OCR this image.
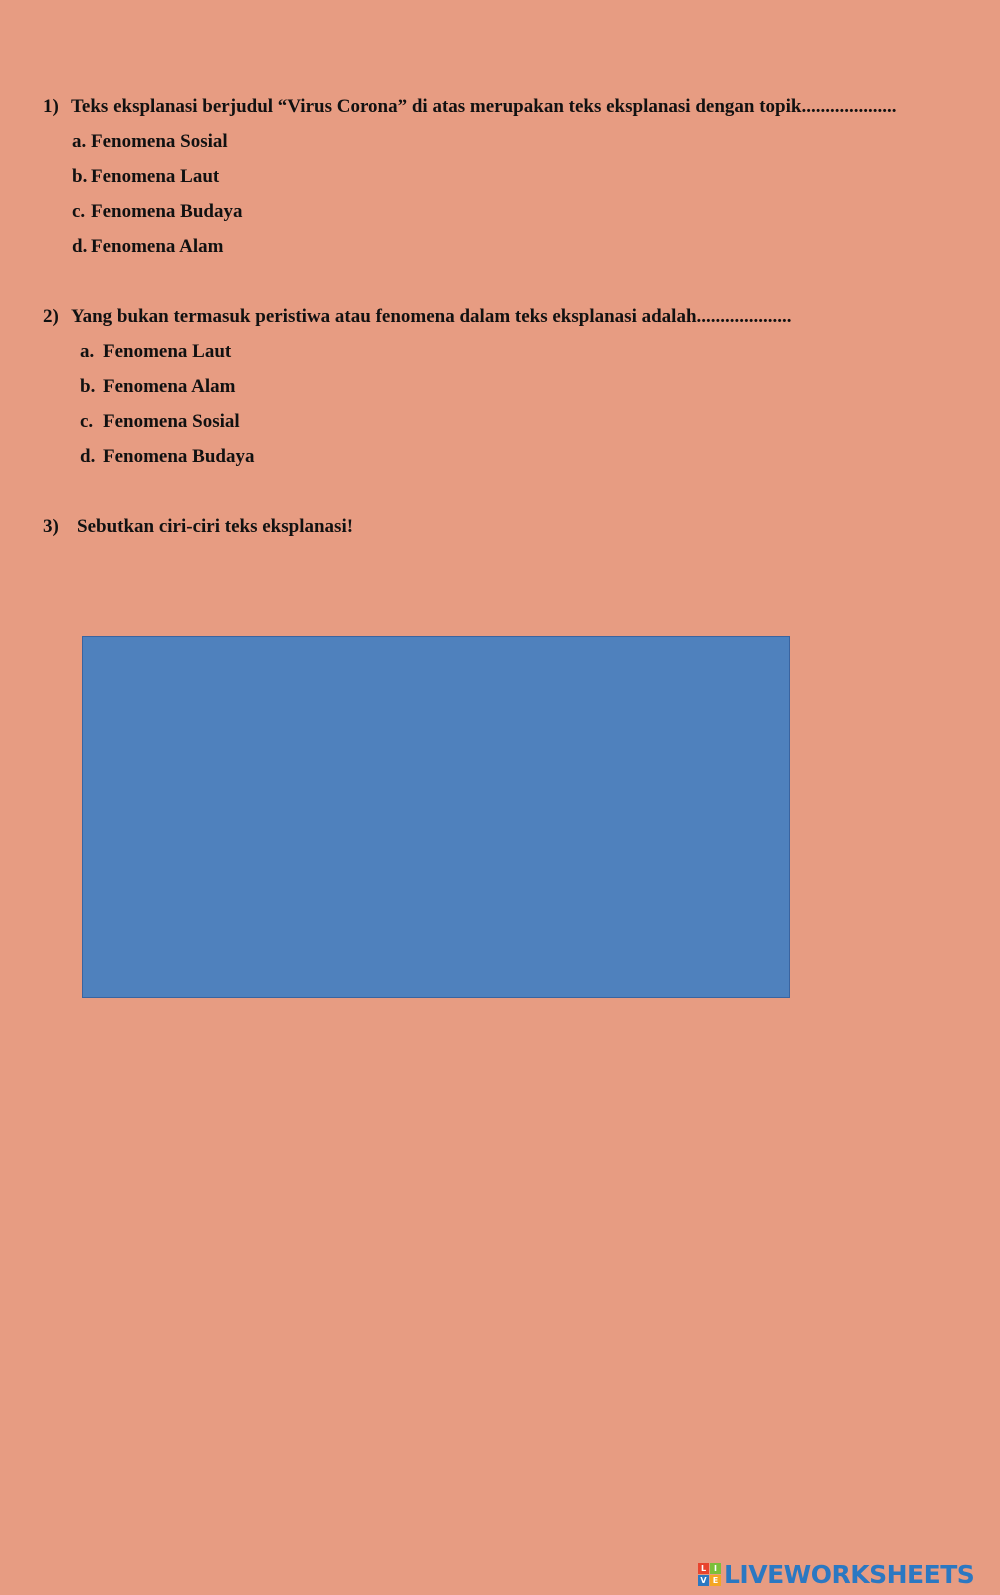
1) Teks eksplanasi berjudul “Virus Corona” di atas merupakan teks eksplanasi dengan topik....................
a. Fenomena Sosial
b. Fenomena Laut
c. Fenomena Budaya
d. Fenomena Alam
2) Yang bukan termasuk peristiwa atau fenomena dalam teks eksplanasi adalah....................
a. Fenomena Laut
b. Fenomena Alam
c. Fenomena Sosial
d. Fenomena Budaya
3) Sebutkan ciri-ciri teks eksplanasi!
L I
V E LIVEWORKSHEETS
